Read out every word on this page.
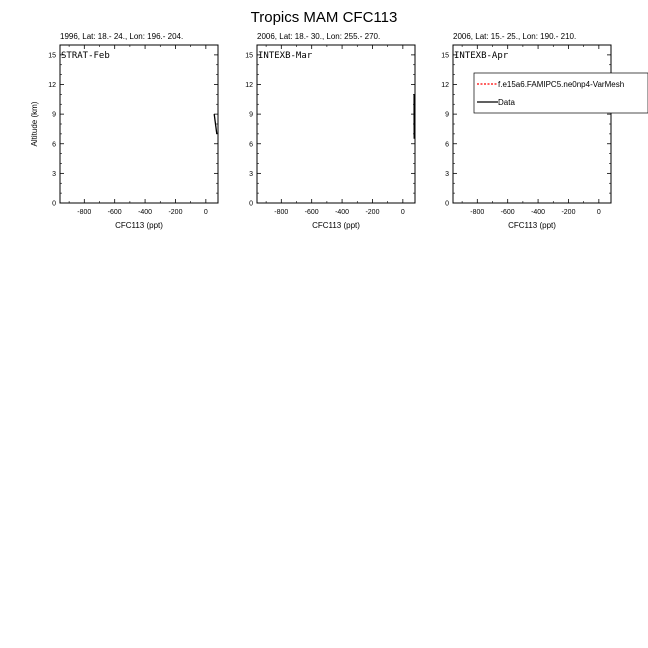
Tropics MAM CFC113
1996, Lat: 18.- 24., Lon: 196.- 204.
0
3
6
9
12
15
-800 -600 -400 -200	0
CFC113 (ppt)
Altitude (km)
STRAT-Feb
2006, Lat: 18.- 30., Lon: 255.- 270.
0
3
6
9
12
15
-800 -600 -400 -200	0
CFC113 (ppt)
INTEXB-Mar
2006, Lat: 15.- 25., Lon: 190.- 210.
0
3
6
9
12
15
-800 -600 -400 -200	0
CFC113 (ppt)
INTEXB-Apr
f.e15a6.FAMIPC5.ne0np4-VarMesh
Data
